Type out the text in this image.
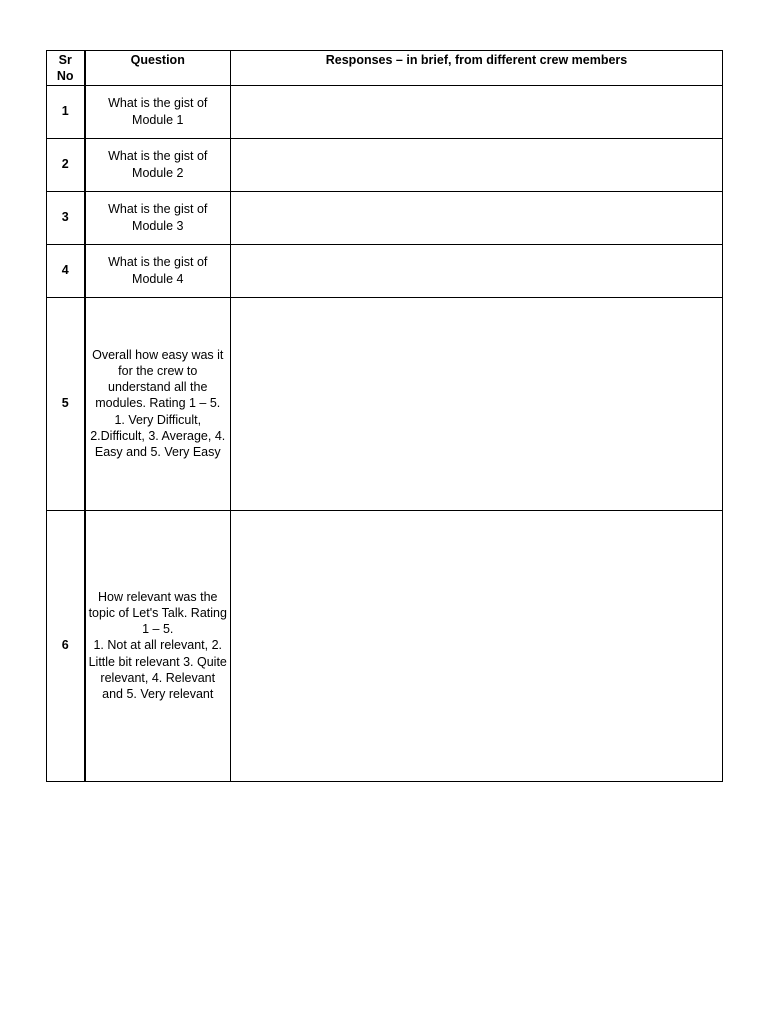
Sr
No	Question	Responses – in brief, from different crew members
1	What is the gist of Module 1	
2	What is the gist of Module 2	
3	What is the gist of Module 3	
4	What is the gist of Module 4	
5	Overall how easy was it for the crew to understand all the modules. Rating 1 – 5. 1. Very Difficult, 2.Difficult, 3. Average, 4. Easy and 5. Very Easy	
6	How relevant was the topic of Let's Talk. Rating 1 – 5.
1. Not at all relevant, 2. Little bit relevant 3. Quite relevant, 4. Relevant and 5. Very relevant	
